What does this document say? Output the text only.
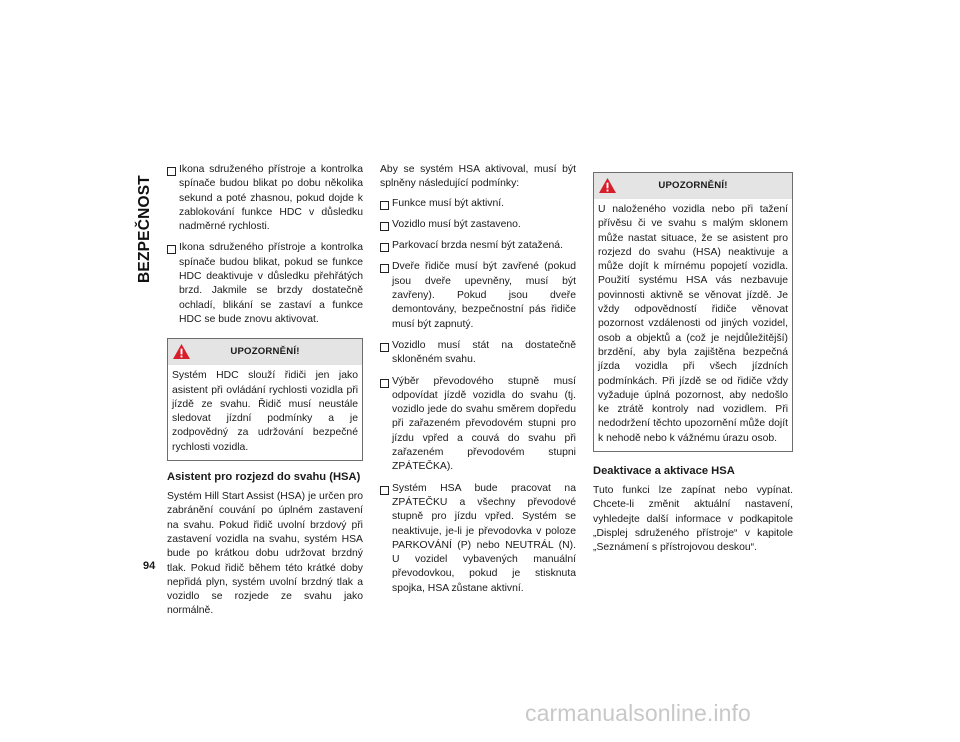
BEZPEČNOST
94
Ikona sdruženého přístroje a kontrolka spínače budou blikat po dobu několika sekund a poté zhasnou, pokud dojde k zablokování funkce HDC v důsledku nadměrné rychlosti.
Ikona sdruženého přístroje a kontrolka spínače budou blikat, pokud se funkce HDC deaktivuje v důsledku přehřátých brzd. Jakmile se brzdy dostatečně ochladí, blikání se zastaví a funkce HDC se bude znovu aktivovat.
UPOZORNĚNÍ!
Systém HDC slouží řidiči jen jako asistent při ovládání rychlosti vozidla při jízdě ze svahu. Řidič musí neustále sledovat jízdní podmínky a je zodpovědný za udržování bezpečné rychlosti vozidla.
Asistent pro rozjezd do svahu (HSA)

Systém Hill Start Assist (HSA) je určen pro zabránění couvání po úplném zastavení na svahu. Pokud řidič uvolní brzdový při zastavení vozidla na svahu, systém HSA bude po krátkou dobu udržovat brzdný tlak. Pokud řidič během této krátké doby nepřidá plyn, systém uvolní brzdný tlak a vozidlo se rozjede ze svahu jako normálně.

Aby se systém HSA aktivoval, musí být splněny následující podmínky:

Funkce musí být aktivní.
Vozidlo musí být zastaveno.
Parkovací brzda nesmí být zatažená.
Dveře řidiče musí být zavřené (pokud jsou dveře upevněny, musí být zavřeny). Pokud jsou dveře demontovány, bezpečnostní pás řidiče musí být zapnutý.
Vozidlo musí stát na dostatečně skloněném svahu.
Výběr převodového stupně musí odpovídat jízdě vozidla do svahu (tj. vozidlo jede do svahu směrem dopředu při zařazeném převodovém stupni pro jízdu vpřed a couvá do svahu při zařazeném převodovém stupni ZPÁTEČKA).
Systém HSA bude pracovat na ZPÁTEČKU a všechny převodové stupně pro jízdu vpřed. Systém se neaktivuje, je-li je převodovka v poloze PARKOVÁNÍ (P) nebo NEUTRÁL (N). U vozidel vybavených manuální převodovkou, pokud je stisknuta spojka, HSA zůstane aktivní.
UPOZORNĚNÍ!
U naloženého vozidla nebo při tažení přívěsu či ve svahu s malým sklonem může nastat situace, že se asistent pro rozjezd do svahu (HSA) neaktivuje a může dojít k mírnému popojetí vozidla. Použití systému HSA vás nezbavuje povinnosti aktivně se věnovat jízdě. Je vždy odpovědností řidiče věnovat pozornost vzdálenosti od jiných vozidel, osob a objektů a (což je nejdůležitější) brzdění, aby byla zajištěna bezpečná jízda vozidla při všech jízdních podmínkách. Při jízdě se od řidiče vždy vyžaduje úplná pozornost, aby nedošlo ke ztrátě kontroly nad vozidlem. Při nedodržení těchto upozornění může dojít k nehodě nebo k vážnému úrazu osob.
Deaktivace a aktivace HSA

Tuto funkci lze zapínat nebo vypínat. Chcete-li změnit aktuální nastavení, vyhledejte další informace v podkapitole „Displej sdruženého přístroje“ v kapitole „Seznámení s přístrojovou deskou“.

carmanualsonline.info
